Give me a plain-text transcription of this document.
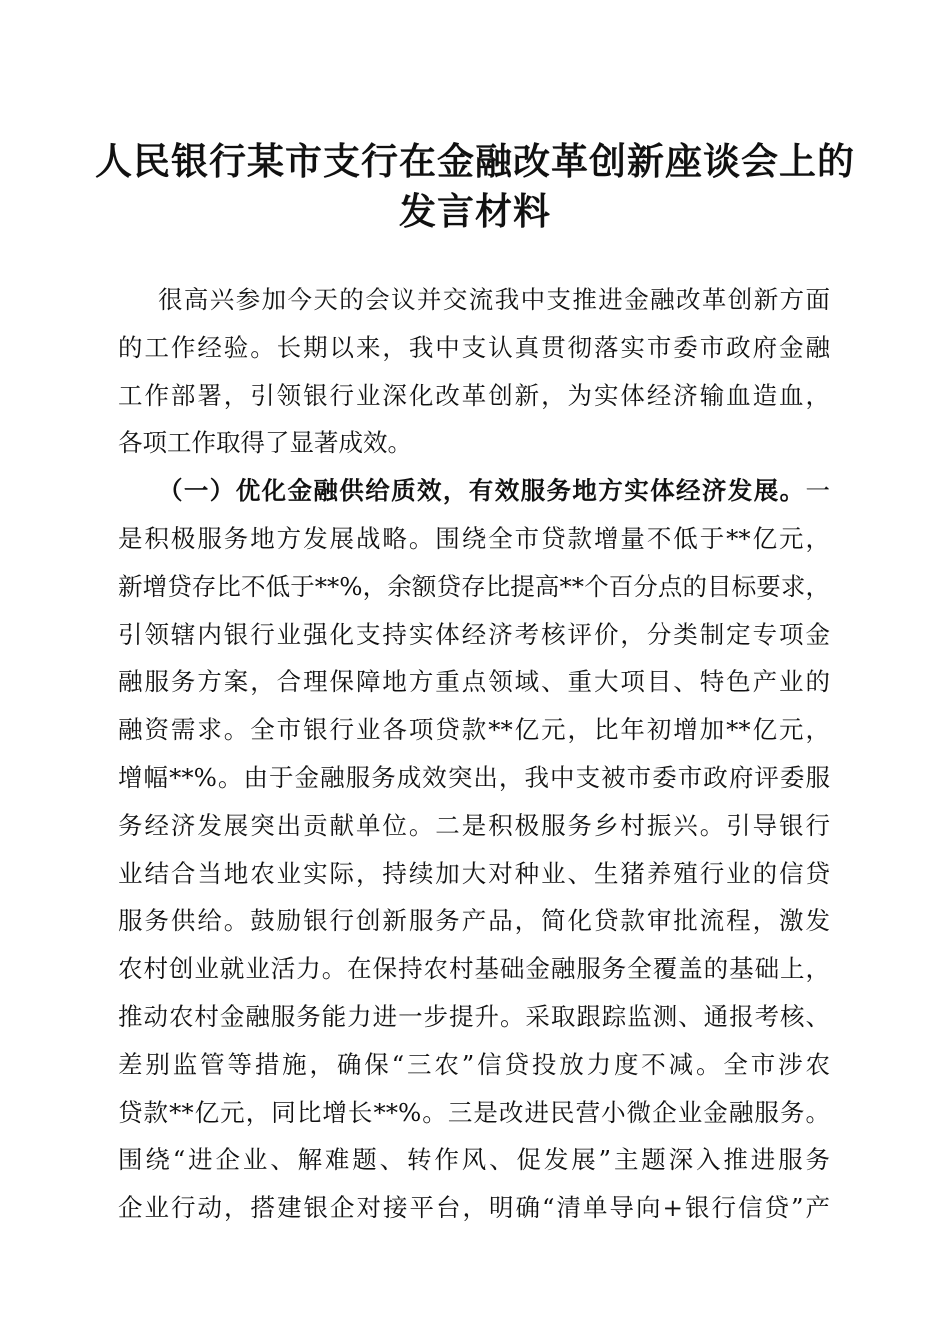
人民银行某市支行在金融改革创新座谈会上的
发言材料
很高兴参加今天的会议并交流我中支推进金融改革创新方面
的工作经验。长期以来，我中支认真贯彻落实市委市政府金融
工作部署，引领银行业深化改革创新，为实体经济输血造血，
各项工作取得了显著成效。
（一）优化金融供给质效，有效服务地方实体经济发展。一
是积极服务地方发展战略。围绕全市贷款增量不低于**亿元，
新增贷存比不低于**%，余额贷存比提高**个百分点的目标要求，
引领辖内银行业强化支持实体经济考核评价，分类制定专项金
融服务方案，合理保障地方重点领域、重大项目、特色产业的
融资需求。全市银行业各项贷款**亿元，比年初增加**亿元，
增幅**%。由于金融服务成效突出，我中支被市委市政府评委服
务经济发展突出贡献单位。二是积极服务乡村振兴。引导银行
业结合当地农业实际，持续加大对种业、生猪养殖行业的信贷
服务供给。鼓励银行创新服务产品，简化贷款审批流程，激发
农村创业就业活力。在保持农村基础金融服务全覆盖的基础上，
推动农村金融服务能力进一步提升。采取跟踪监测、通报考核、
差别监管等措施，确保“三农”信贷投放力度不减。全市涉农
贷款**亿元，同比增长**%。三是改进民营小微企业金融服务。
围绕“进企业、解难题、转作风、促发展”主题深入推进服务
企业行动，搭建银企对接平台，明确“清单导向+银行信贷”产
